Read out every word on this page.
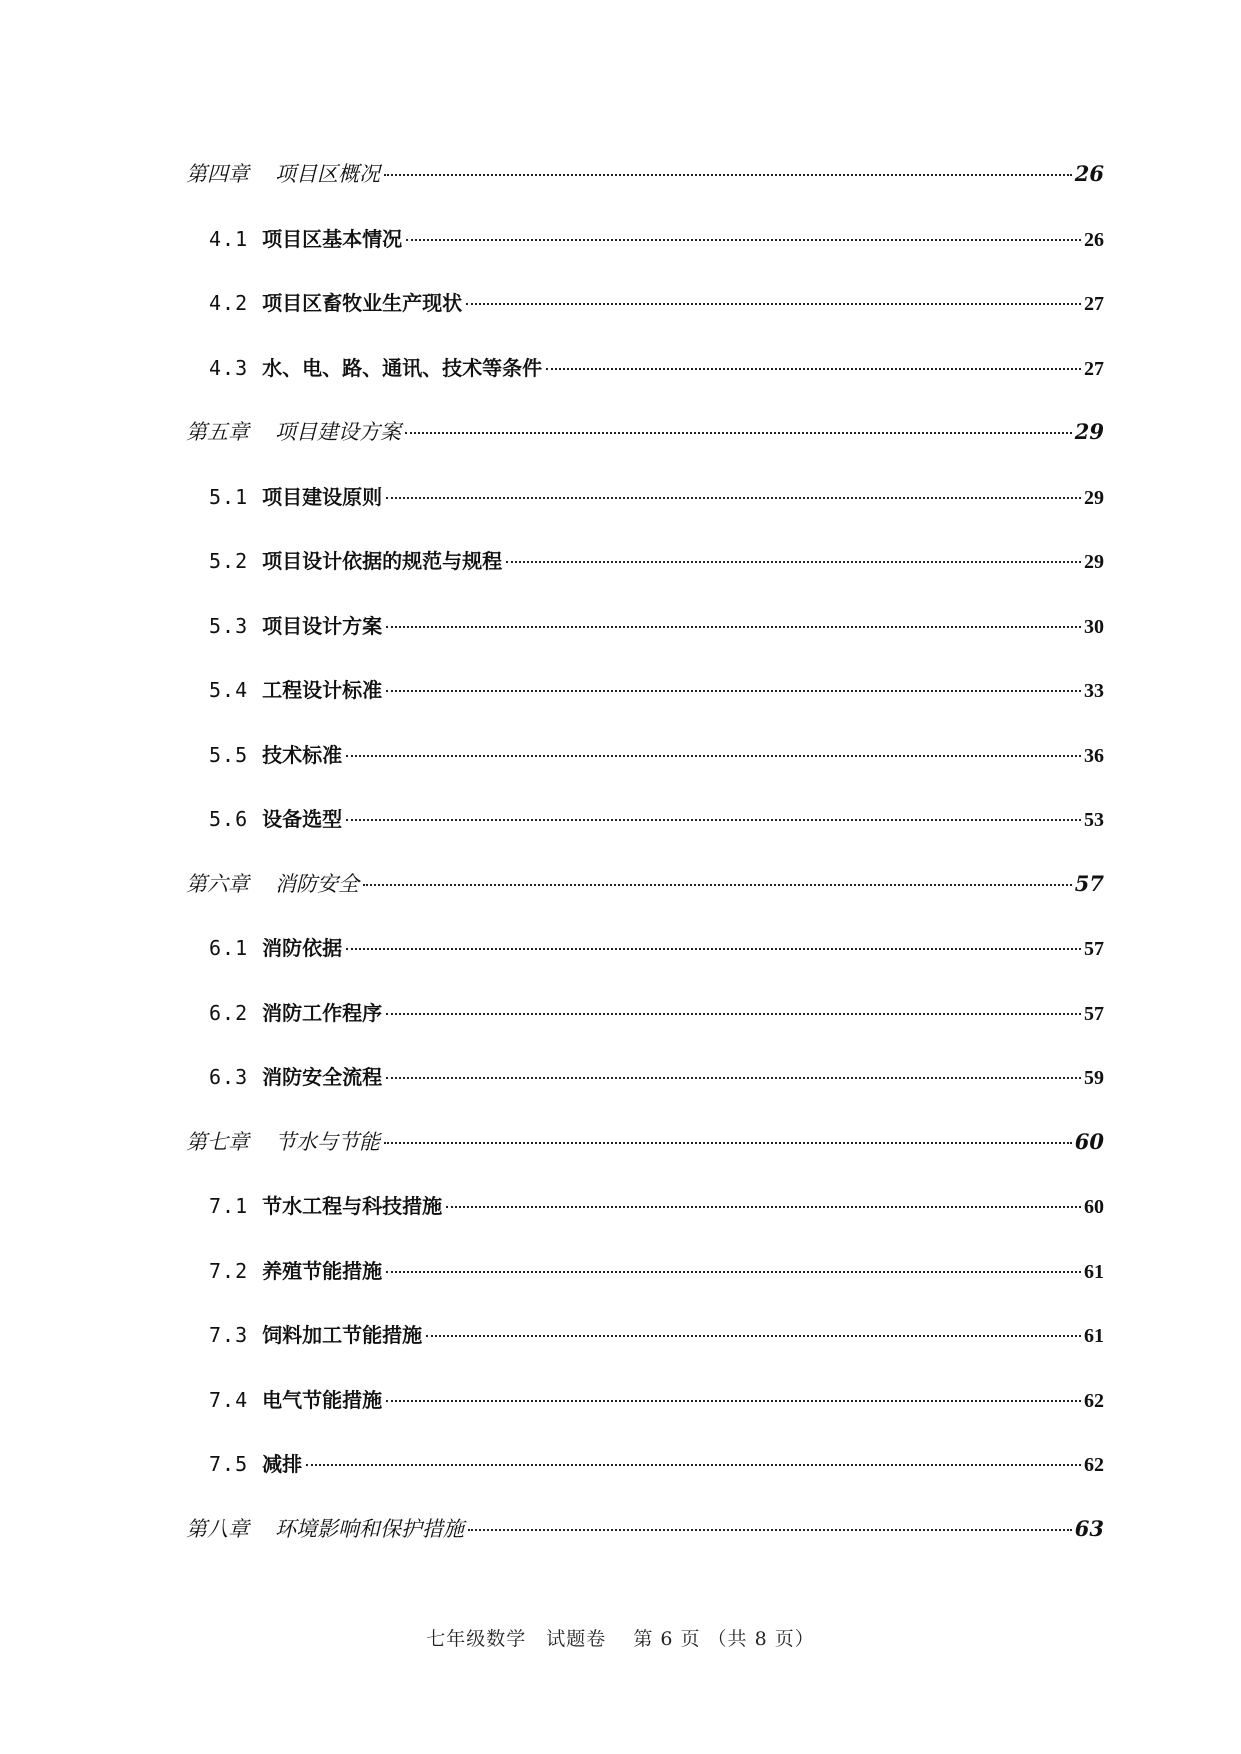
第四章 项目区概况	26
4.1 项目区基本情况	26
4.2 项目区畜牧业生产现状	27
4.3 水、电、路、通讯、技术等条件	27
第五章 项目建设方案	29
5.1 项目建设原则	29
5.2 项目设计依据的规范与规程	29
5.3 项目设计方案	30
5.4 工程设计标准	33
5.5 技术标准	36
5.6 设备选型	53
第六章 消防安全	57
6.1 消防依据	57
6.2 消防工作程序	57
6.3 消防安全流程	59
第七章 节水与节能	60
7.1 节水工程与科技措施	60
7.2 养殖节能措施	61
7.3 饲料加工节能措施	61
7.4 电气节能措施	62
7.5 减排	62
第八章 环境影响和保护措施	63
七年级数学　试题卷　 第 6 页 （共 8 页）
